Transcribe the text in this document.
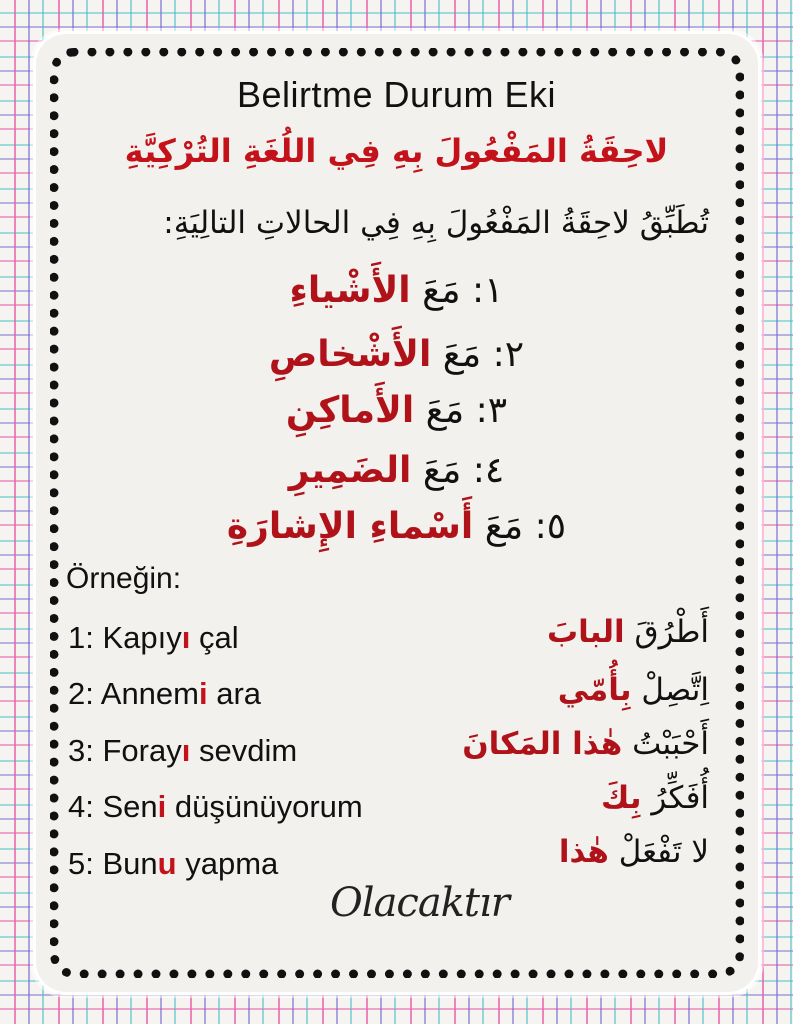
Belirtme Durum Eki
لاحِقَةُ المَفْعُولَ بِهِ فِي اللُغَةِ التُرْكِيَّةِ
تُطَبِّقُ لاحِقَةُ المَفْعُولَ بِهِ فِي الحالاتِ التالِيَةِ:
١: مَعَ الأَشْياءِ
٢: مَعَ الأَشْخاصِ
٣: مَعَ الأَماكِنِ
٤: مَعَ الضَمِيرِ
٥: مَعَ أَسْماءِ الإِشارَةِ
Örneğin:
1: Kapıyı çal
2: Annemi ara
3: Forayı sevdim
4: Seni düşünüyorum
5: Bunu yapma
أَطْرُقَ البابَ
اِتَّصِلْ بِأُمّي
أَحْبَبْتُ هٰذا المَكانَ
أُفَكِّرُ بِكَ
لا تَفْعَلْ هٰذا
Olacaktır
